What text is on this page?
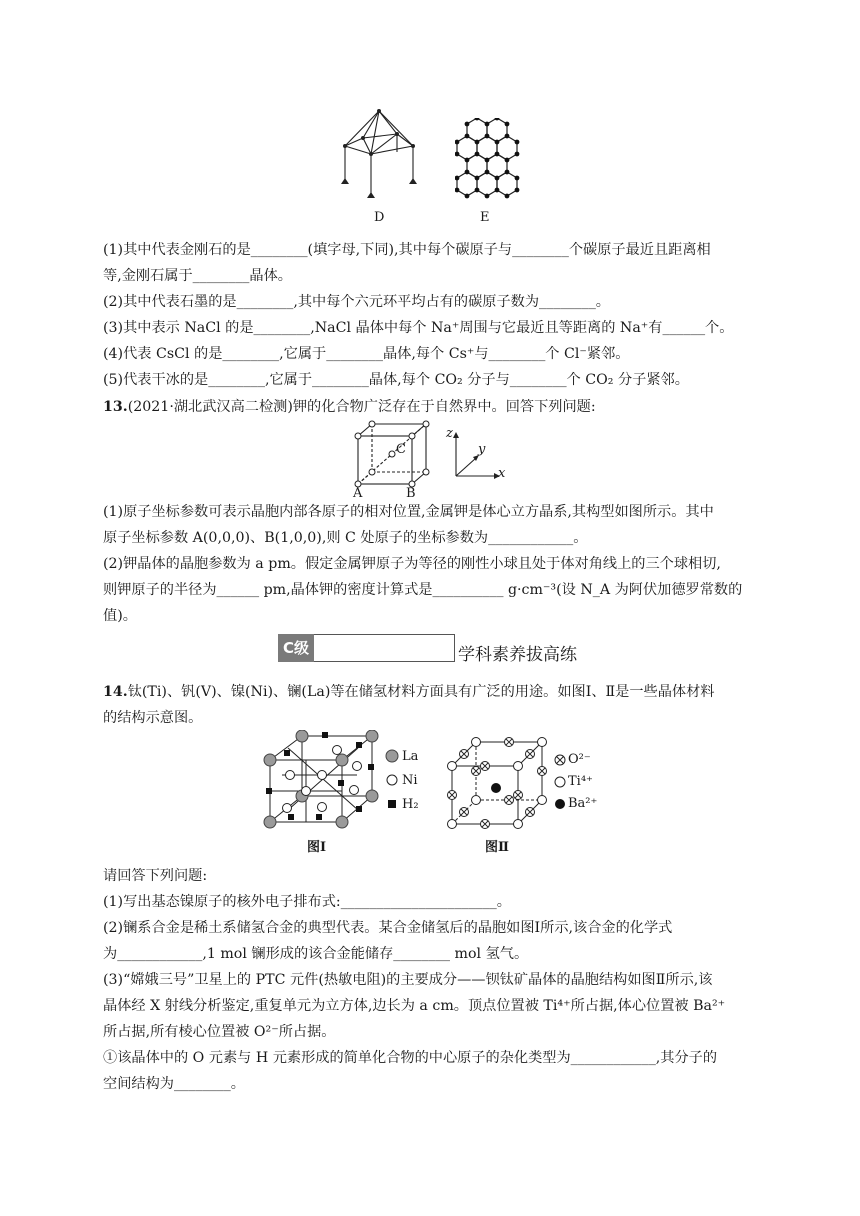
D	E
(1)其中代表金刚石的是________(填字母,下同),其中每个碳原子与________个碳原子最近且距离相
等,金刚石属于________晶体。
(2)其中代表石墨的是________,其中每个六元环平均占有的碳原子数为________。
(3)其中表示 NaCl 的是________,NaCl 晶体中每个 Na⁺周围与它最近且等距离的 Na⁺有______个。
(4)代表 CsCl 的是________,它属于________晶体,每个 Cs⁺与________个 Cl⁻紧邻。
(5)代表干冰的是________,它属于________晶体,每个 CO₂ 分子与________个 CO₂ 分子紧邻。
13.(2021·湖北武汉高二检测)钾的化合物广泛存在于自然界中。回答下列问题:
C
A	B
z
y
x
(1)原子坐标参数可表示晶胞内部各原子的相对位置,金属钾是体心立方晶系,其构型如图所示。其中
原子坐标参数 A(0,0,0)、B(1,0,0),则 C 处原子的坐标参数为____________。
(2)钾晶体的晶胞参数为 a pm。假定金属钾原子为等径的刚性小球且处于体对角线上的三个球相切,
则钾原子的半径为______ pm,晶体钾的密度计算式是__________ g·cm⁻³(设 N_A 为阿伏加德罗常数的
值)。
C级	学科素养拔高练
14.钛(Ti)、钒(V)、镍(Ni)、镧(La)等在储氢材料方面具有广泛的用途。如图Ⅰ、Ⅱ是一些晶体材料
的结构示意图。
La
Ni
H₂
图Ⅰ
O²⁻
Ti⁴⁺
Ba²⁺
图Ⅱ
请回答下列问题:
(1)写出基态镍原子的核外电子排布式:______________________。
(2)镧系合金是稀土系储氢合金的典型代表。某合金储氢后的晶胞如图Ⅰ所示,该合金的化学式
为____________,1 mol 镧形成的该合金能储存________ mol 氢气。
(3)“嫦娥三号”卫星上的 PTC 元件(热敏电阻)的主要成分——钡钛矿晶体的晶胞结构如图Ⅱ所示,该
晶体经 X 射线分析鉴定,重复单元为立方体,边长为 a cm。顶点位置被 Ti⁴⁺所占据,体心位置被 Ba²⁺
所占据,所有棱心位置被 O²⁻所占据。
①该晶体中的 O 元素与 H 元素形成的简单化合物的中心原子的杂化类型为____________,其分子的
空间结构为________。
